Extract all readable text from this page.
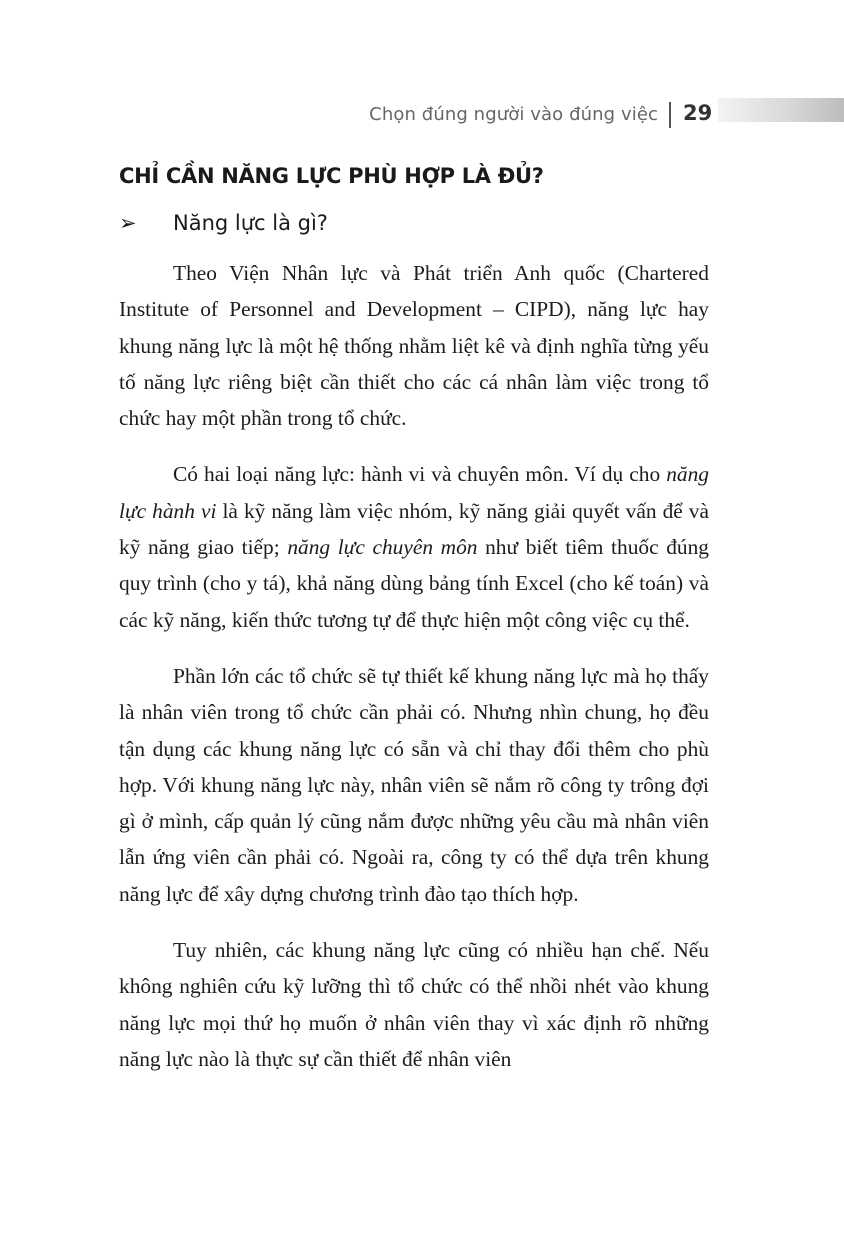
Chọn đúng người vào đúng việc 29
CHỈ CẦN NĂNG LỰC PHÙ HỢP LÀ ĐỦ?
➢ Năng lực là gì?

Theo Viện Nhân lực và Phát triển Anh quốc (Chartered Institute of Personnel and Development – CIPD), năng lực hay khung năng lực là một hệ thống nhằm liệt kê và định nghĩa từng yếu tố năng lực riêng biệt cần thiết cho các cá nhân làm việc trong tổ chức hay một phần trong tổ chức.

Có hai loại năng lực: hành vi và chuyên môn. Ví dụ cho năng lực hành vi là kỹ năng làm việc nhóm, kỹ năng giải quyết vấn để và kỹ năng giao tiếp; năng lực chuyên môn như biết tiêm thuốc đúng quy trình (cho y tá), khả năng dùng bảng tính Excel (cho kế toán) và các kỹ năng, kiến thức tương tự để thực hiện một công việc cụ thể.

Phần lớn các tổ chức sẽ tự thiết kế khung năng lực mà họ thấy là nhân viên trong tổ chức cần phải có. Nhưng nhìn chung, họ đều tận dụng các khung năng lực có sẵn và chỉ thay đổi thêm cho phù hợp. Với khung năng lực này, nhân viên sẽ nắm rõ công ty trông đợi gì ở mình, cấp quản lý cũng nắm được những yêu cầu mà nhân viên lẫn ứng viên cần phải có. Ngoài ra, công ty có thể dựa trên khung năng lực để xây dựng chương trình đào tạo thích hợp.

Tuy nhiên, các khung năng lực cũng có nhiều hạn chế. Nếu không nghiên cứu kỹ lưỡng thì tổ chức có thể nhồi nhét vào khung năng lực mọi thứ họ muốn ở nhân viên thay vì xác định rõ những năng lực nào là thực sự cần thiết để nhân viên
